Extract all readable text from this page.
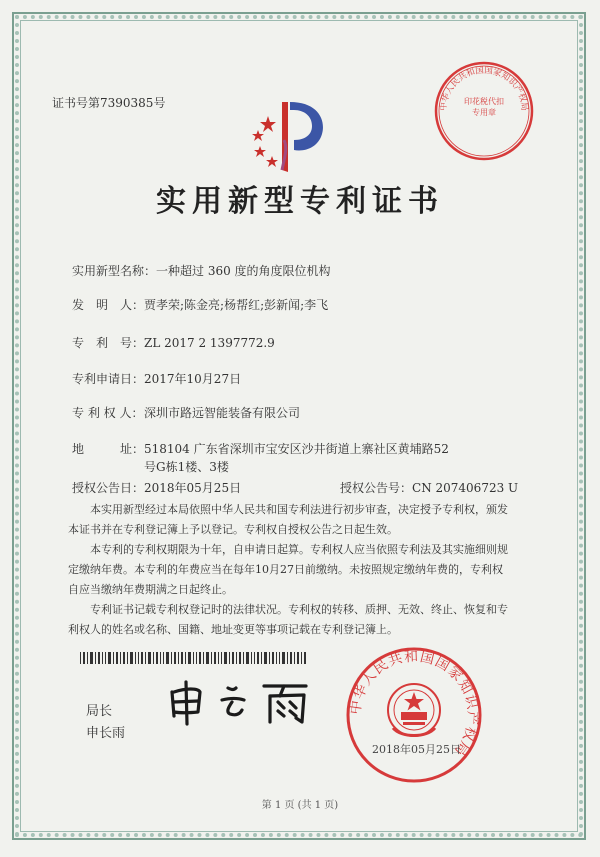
证书号第7390385号
实用新型专利证书
实用新型名称：一种超过 360 度的角度限位机构
发　明　人：贾孝荣;陈金亮;杨帮红;彭新闻;李飞
专　利　号：ZL 2017 2 1397772.9
专利申请日：2017年10月27日
专 利 权 人：深圳市路远智能装备有限公司
地　　　址：518104 广东省深圳市宝安区沙井街道上寨社区黄埔路52
号G栋1楼、3楼
授权公告日：2018年05月25日	授权公告号：CN 207406723 U
本实用新型经过本局依照中华人民共和国专利法进行初步审查，决定授予专利权，颁发
本证书并在专利登记簿上予以登记。专利权自授权公告之日起生效。
本专利的专利权期限为十年，自申请日起算。专利权人应当依照专利法及其实施细则规
定缴纳年费。本专利的年费应当在每年10月27日前缴纳。未按照规定缴纳年费的，专利权
自应当缴纳年费期满之日起终止。
专利证书记载专利权登记时的法律状况。专利权的转移、质押、无效、终止、恢复和专
利权人的姓名或名称、国籍、地址变更等事项记载在专利登记簿上。
局长
申长雨
中华人民共和国国家知识产权局
印花税代扣专用章
中华人民共和国国家知识产权局
2018年05月25日
第 1 页 (共 1 页)
